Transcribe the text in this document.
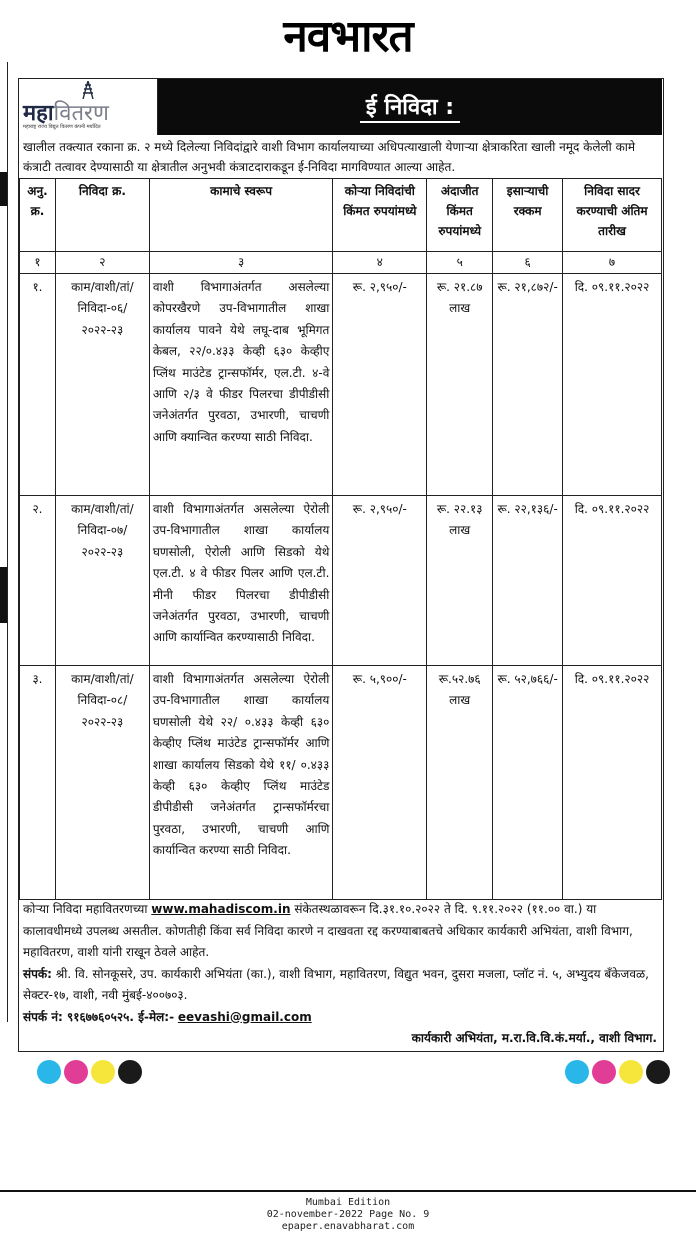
नवभारत
महावितरण
महाराष्ट्र राज्य विद्युत वितरण कंपनी मर्यादित
ई निविदा :
खालील तक्त्यात रकाना क्र. २ मध्ये दिलेल्या निविदांद्वारे वाशी विभाग कार्यालयाच्या अधिपत्याखाली येणाऱ्या क्षेत्राकरिता खाली नमूद केलेली कामे कंत्राटी तत्वावर देण्यासाठी या क्षेत्रातील अनुभवी कंत्राटदाराकडून ई-निविदा मागविण्यात आल्या आहेत.
अनु. क्र.	निविदा क्र.	कामाचे स्वरूप	कोऱ्या निविदांची किंमत रुपयांमध्ये	अंदाजीत किंमत रुपयांमध्ये	इसाऱ्याची रक्कम	निविदा सादर करण्याची अंतिम तारीख
१	२	३	४	५	६	७
१.	काम/वाशी/तां/निविदा-०६/ २०२२-२३	वाशी विभागाअंतर्गत असलेल्या कोपरखैरणे उप-विभागातील शाखा कार्यालय पावने येथे लघू-दाब भूमिगत केबल, २२/०.४३३ केव्ही ६३० केव्हीए प्लिंथ माउंटेड ट्रान्सफॉर्मर, एल.टी. ४-वे आणि २/३ वे फीडर पिलरचा डीपीडीसी जनेअंतर्गत पुरवठा, उभारणी, चाचणी आणि क्यान्वित करण्या साठी निविदा.	रू. २,९५०/-	रू. २१.८७ लाख	रू. २१,८७२/-	दि. ०९.११.२०२२
२.	काम/वाशी/तां/निविदा-०७/ २०२२-२३	वाशी विभागाअंतर्गत असलेल्या ऐरोली उप-विभागातील शाखा कार्यालय घणसोली, ऐरोली आणि सिडको येथे एल.टी. ४ वे फीडर पिलर आणि एल.टी. मीनी फीडर पिलरचा डीपीडीसी जनेअंतर्गत पुरवठा, उभारणी, चाचणी आणि कार्यान्वित करण्यासाठी निविदा.	रू. २,९५०/-	रू. २२.१३ लाख	रू. २२,१३६/-	दि. ०९.११.२०२२
३.	काम/वाशी/तां/निविदा-०८/ २०२२-२३	वाशी विभागाअंतर्गत असलेल्या ऐरोली उप-विभागातील शाखा कार्यालय घणसोली येथे २२/ ०.४३३ केव्ही ६३० केव्हीए प्लिंथ माउंटेड ट्रान्सफॉर्मर आणि शाखा कार्यालय सिडको येथे ११/ ०.४३३ केव्ही ६३० केव्हीए प्लिंथ माउंटेड डीपीडीसी जनेअंतर्गत ट्रान्सफॉर्मरचा पुरवठा, उभारणी, चाचणी आणि कार्यान्वित करण्या साठी निविदा.	रू. ५,९००/-	रू.५२.७६ लाख	रू. ५२,७६६/-	दि. ०९.११.२०२२

कोऱ्या निविदा महावितरणच्या www.mahadiscom.in संकेतस्थळावरून दि.३१.१०.२०२२ ते दि. ९.११.२०२२ (११.०० वा.) या कालावधीमध्ये उपलब्ध असतील. कोणतीही किंवा सर्व निविदा कारणे न दाखवता रद्द करण्याबाबतचे अधिकार कार्यकारी अभियंता, वाशी विभाग, महावितरण, वाशी यांनी राखून ठेवले आहेत.

संपर्क: श्री. वि. सोनकूसरे, उप. कार्यकारी अभियंता (का.), वाशी विभाग, महावितरण, विद्युत भवन, दुसरा मजला, प्लॉट नं. ५, अभ्युदय बँकेजवळ, सेक्टर-१७, वाशी, नवी मुंबई-४००७०३.

संपर्क नं: ९१६७७६०५२५. ई-मेल:- eevashi@gmail.com

कार्यकारी अभियंता, म.रा.वि.वि.कं.मर्या., वाशी विभाग.
Mumbai Edition
02-november-2022 Page No. 9
epaper.enavabharat.com
